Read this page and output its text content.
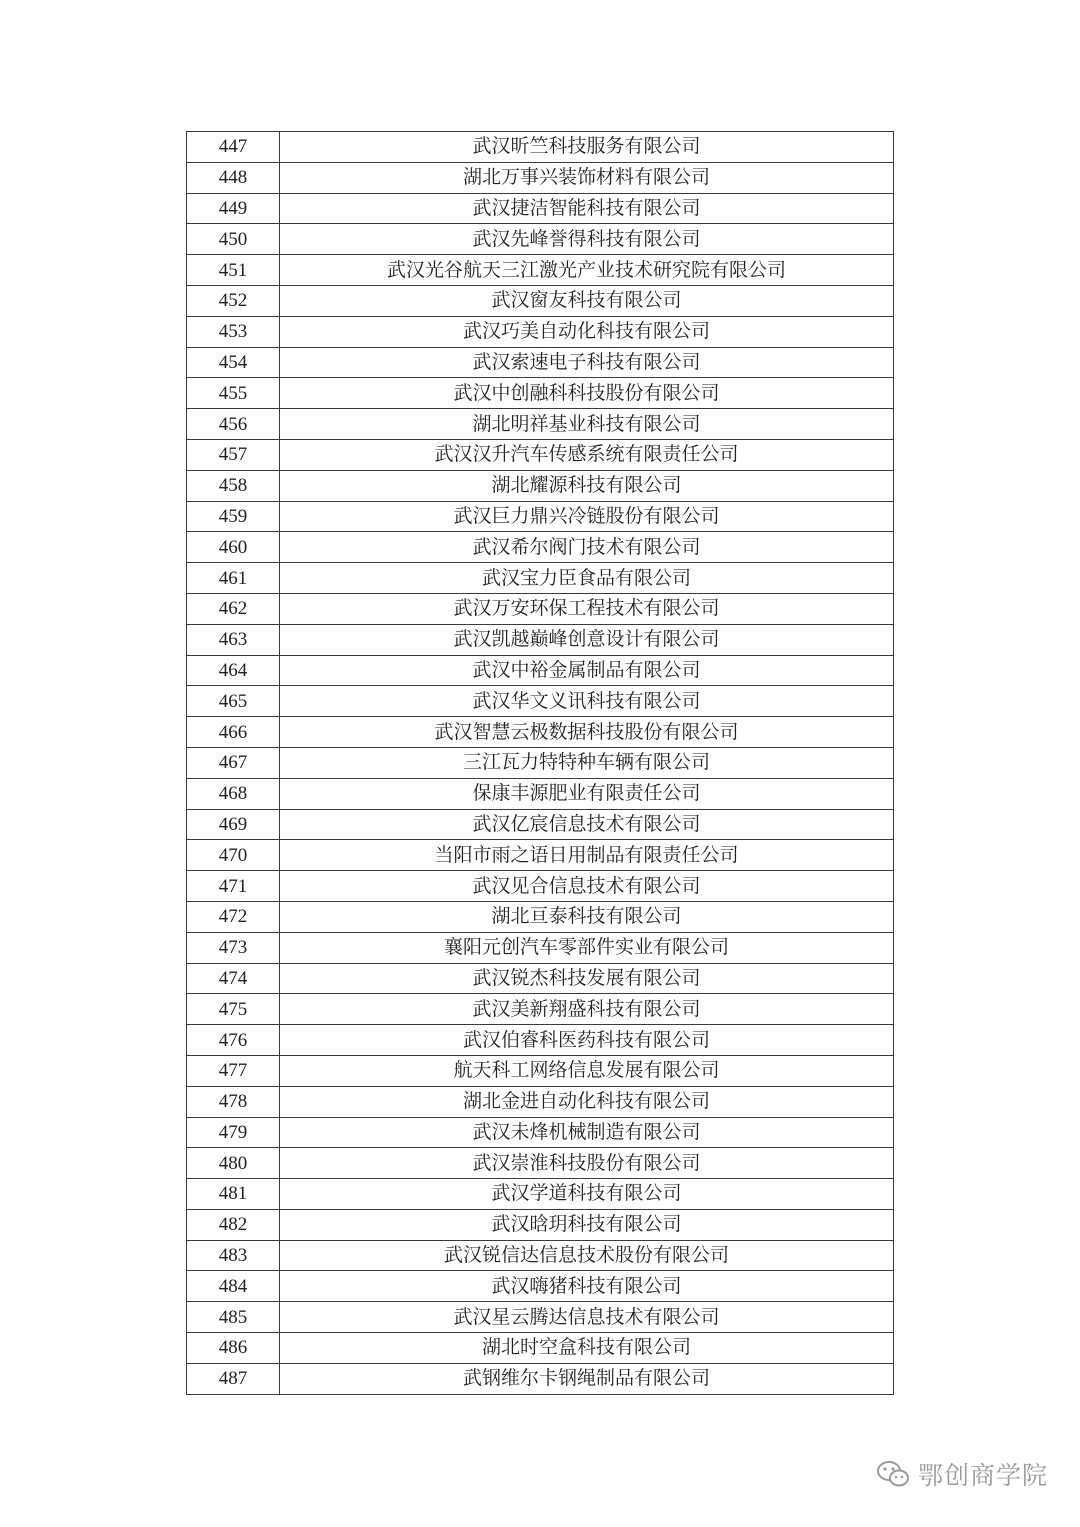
447	武汉昕竺科技服务有限公司
448	湖北万事兴装饰材料有限公司
449	武汉捷洁智能科技有限公司
450	武汉先峰誉得科技有限公司
451	武汉光谷航天三江激光产业技术研究院有限公司
452	武汉窗友科技有限公司
453	武汉巧美自动化科技有限公司
454	武汉索速电子科技有限公司
455	武汉中创融科科技股份有限公司
456	湖北明祥基业科技有限公司
457	武汉汉升汽车传感系统有限责任公司
458	湖北耀源科技有限公司
459	武汉巨力鼎兴冷链股份有限公司
460	武汉希尔阀门技术有限公司
461	武汉宝力臣食品有限公司
462	武汉万安环保工程技术有限公司
463	武汉凯越巅峰创意设计有限公司
464	武汉中裕金属制品有限公司
465	武汉华文义讯科技有限公司
466	武汉智慧云极数据科技股份有限公司
467	三江瓦力特特种车辆有限公司
468	保康丰源肥业有限责任公司
469	武汉亿宸信息技术有限公司
470	当阳市雨之语日用制品有限责任公司
471	武汉见合信息技术有限公司
472	湖北亘泰科技有限公司
473	襄阳元创汽车零部件实业有限公司
474	武汉锐杰科技发展有限公司
475	武汉美新翔盛科技有限公司
476	武汉伯睿科医药科技有限公司
477	航天科工网络信息发展有限公司
478	湖北金进自动化科技有限公司
479	武汉未烽机械制造有限公司
480	武汉崇淮科技股份有限公司
481	武汉学道科技有限公司
482	武汉晗玥科技有限公司
483	武汉锐信达信息技术股份有限公司
484	武汉嗨猪科技有限公司
485	武汉星云腾达信息技术有限公司
486	湖北时空盒科技有限公司
487	武钢维尔卡钢绳制品有限公司
鄂创商学院
